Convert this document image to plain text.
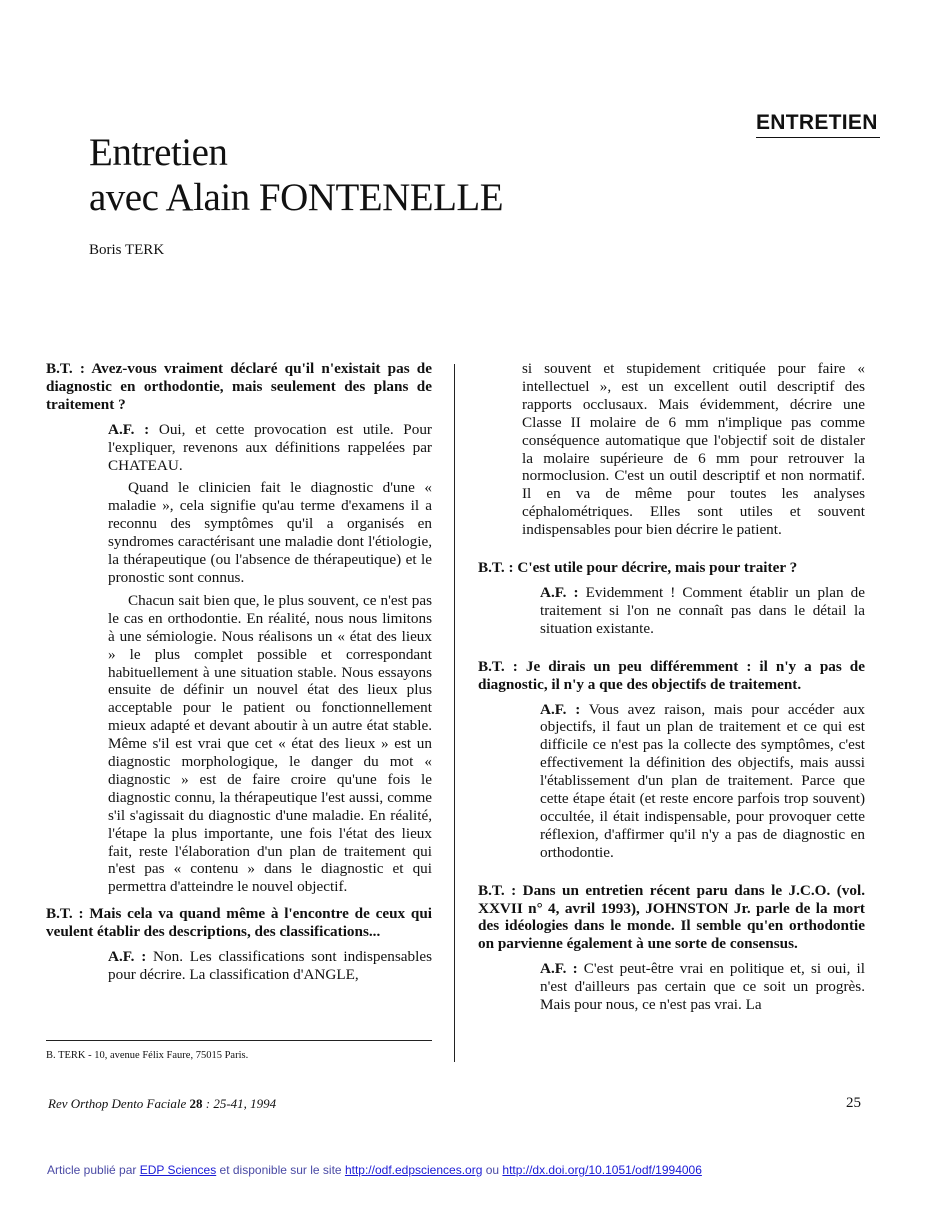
ENTRETIEN
Entretien
avec Alain FONTENELLE
Boris TERK

B.T. : Avez-vous vraiment déclaré qu'il n'existait pas de diagnostic en orthodontie, mais seulement des plans de traitement ?

A.F. : Oui, et cette provocation est utile. Pour l'expliquer, revenons aux définitions rappelées par CHATEAU.

Quand le clinicien fait le diagnostic d'une « maladie », cela signifie qu'au terme d'examens il a reconnu des symptômes qu'il a organisés en syndromes caractérisant une maladie dont l'étiologie, la thérapeutique (ou l'absence de thérapeutique) et le pronostic sont connus.

Chacun sait bien que, le plus souvent, ce n'est pas le cas en orthodontie. En réalité, nous nous limitons à une sémiologie. Nous réalisons un « état des lieux » le plus complet possible et correspondant habituellement à une situation stable. Nous essayons ensuite de définir un nouvel état des lieux plus acceptable pour le patient ou fonctionnellement mieux adapté et devant aboutir à un autre état stable. Même s'il est vrai que cet « état des lieux » est un diagnostic morphologique, le danger du mot « diagnostic » est de faire croire qu'une fois le diagnostic connu, la thérapeutique l'est aussi, comme s'il s'agissait du diagnostic d'une maladie. En réalité, l'étape la plus importante, une fois l'état des lieux fait, reste l'élaboration d'un plan de traitement qui n'est pas « contenu » dans le diagnostic et qui permettra d'atteindre le nouvel objectif.

B.T. : Mais cela va quand même à l'encontre de ceux qui veulent établir des descriptions, des classifications...

A.F. : Non. Les classifications sont indispensables pour décrire. La classification d'ANGLE,

si souvent et stupidement critiquée pour faire « intellectuel », est un excellent outil descriptif des rapports occlusaux. Mais évidemment, décrire une Classe II molaire de 6 mm n'implique pas comme conséquence automatique que l'objectif soit de distaler la molaire supérieure de 6 mm pour retrouver la normoclusion. C'est un outil descriptif et non normatif. Il en va de même pour toutes les analyses céphalométriques. Elles sont utiles et souvent indispensables pour bien décrire le patient.

B.T. : C'est utile pour décrire, mais pour traiter ?

A.F. : Evidemment ! Comment établir un plan de traitement si l'on ne connaît pas dans le détail la situation existante.

B.T. : Je dirais un peu différemment : il n'y a pas de diagnostic, il n'y a que des objectifs de traitement.

A.F. : Vous avez raison, mais pour accéder aux objectifs, il faut un plan de traitement et ce qui est difficile ce n'est pas la collecte des symptômes, c'est effectivement la définition des objectifs, mais aussi l'établissement d'un plan de traitement. Parce que cette étape était (et reste encore parfois trop souvent) occultée, il était indispensable, pour provoquer cette réflexion, d'affirmer qu'il n'y a pas de diagnostic en orthodontie.

B.T. : Dans un entretien récent paru dans le J.C.O. (vol. XXVII n° 4, avril 1993), JOHNSTON Jr. parle de la mort des idéologies dans le monde. Il semble qu'en orthodontie on parvienne également à une sorte de consensus.

A.F. : C'est peut-être vrai en politique et, si oui, il n'est d'ailleurs pas certain que ce soit un progrès. Mais pour nous, ce n'est pas vrai. La

B. TERK - 10, avenue Félix Faure, 75015 Paris.
Rev Orthop Dento Faciale 28 : 25-41, 1994	25
Article publié par EDP Sciences et disponible sur le site http://odf.edpsciences.org ou http://dx.doi.org/10.1051/odf/1994006
